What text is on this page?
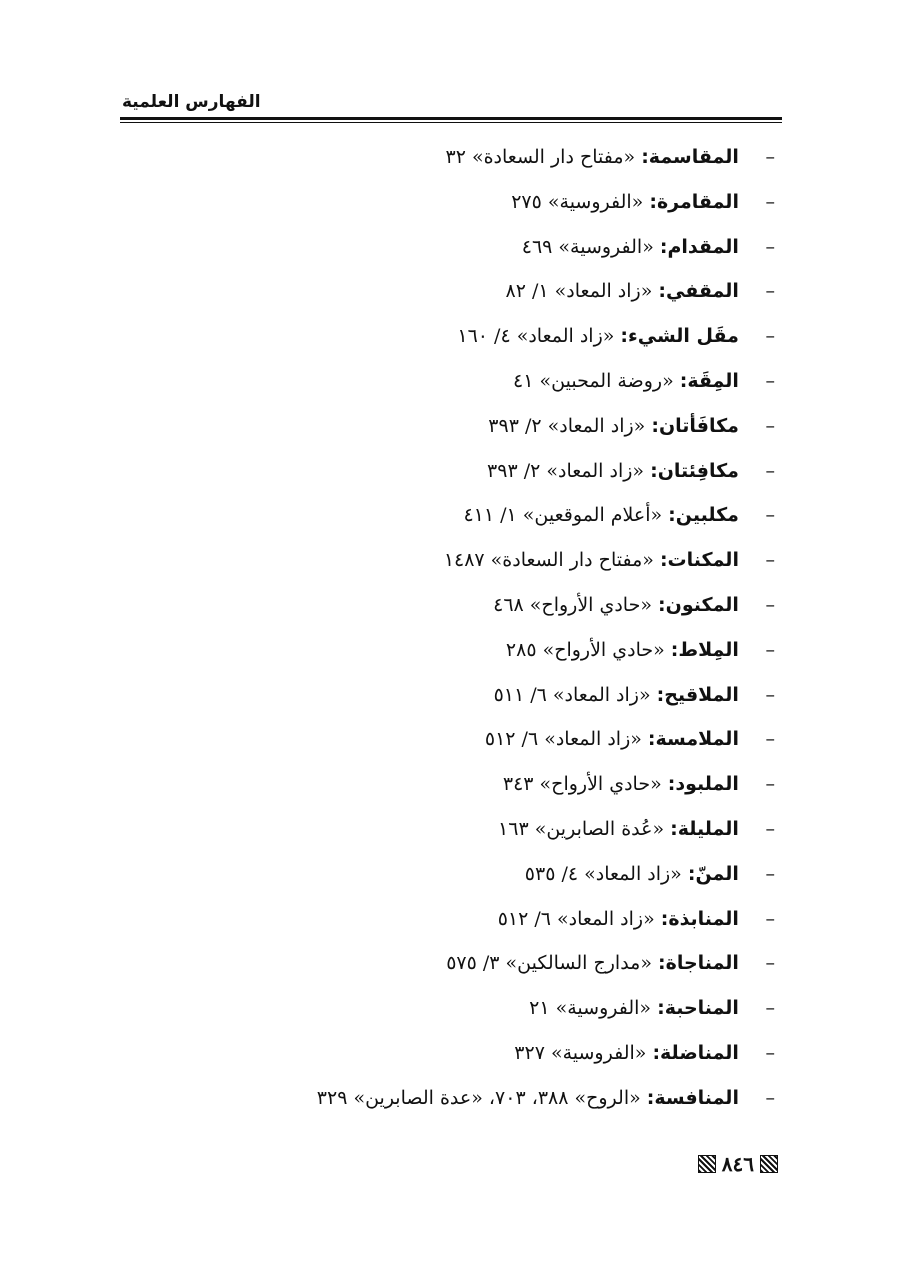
الفهارس العلمية
– المقاسمة: «مفتاح دار السعادة» ٣٢
– المقامرة: «الفروسية» ٢٧٥
– المقدام: «الفروسية» ٤٦٩
– المقفي: «زاد المعاد» ١/ ٨٢
– مقَل الشيء: «زاد المعاد» ٤/ ١٦٠
– المِقَة: «روضة المحبين» ٤١
– مكافَأتان: «زاد المعاد» ٢/ ٣٩٣
– مكافِئتان: «زاد المعاد» ٢/ ٣٩٣
– مكلبين: «أعلام الموقعين» ١/ ٤١١
– المكنات: «مفتاح دار السعادة» ١٤٨٧
– المكنون: «حادي الأرواح» ٤٦٨
– المِلاط: «حادي الأرواح» ٢٨٥
– الملاقيح: «زاد المعاد» ٦/ ٥١١
– الملامسة: «زاد المعاد» ٦/ ٥١٢
– الملبود: «حادي الأرواح» ٣٤٣
– المليلة: «عُدة الصابرين» ١٦٣
– المنّ: «زاد المعاد» ٤/ ٥٣٥
– المنابذة: «زاد المعاد» ٦/ ٥١٢
– المناجاة: «مدارج السالكين» ٣/ ٥٧٥
– المناحبة: «الفروسية» ٢١
– المناضلة: «الفروسية» ٣٢٧
– المنافسة: «الروح» ٣٨٨، ٧٠٣، «عدة الصابرين» ٣٢٩
٨٤٦
